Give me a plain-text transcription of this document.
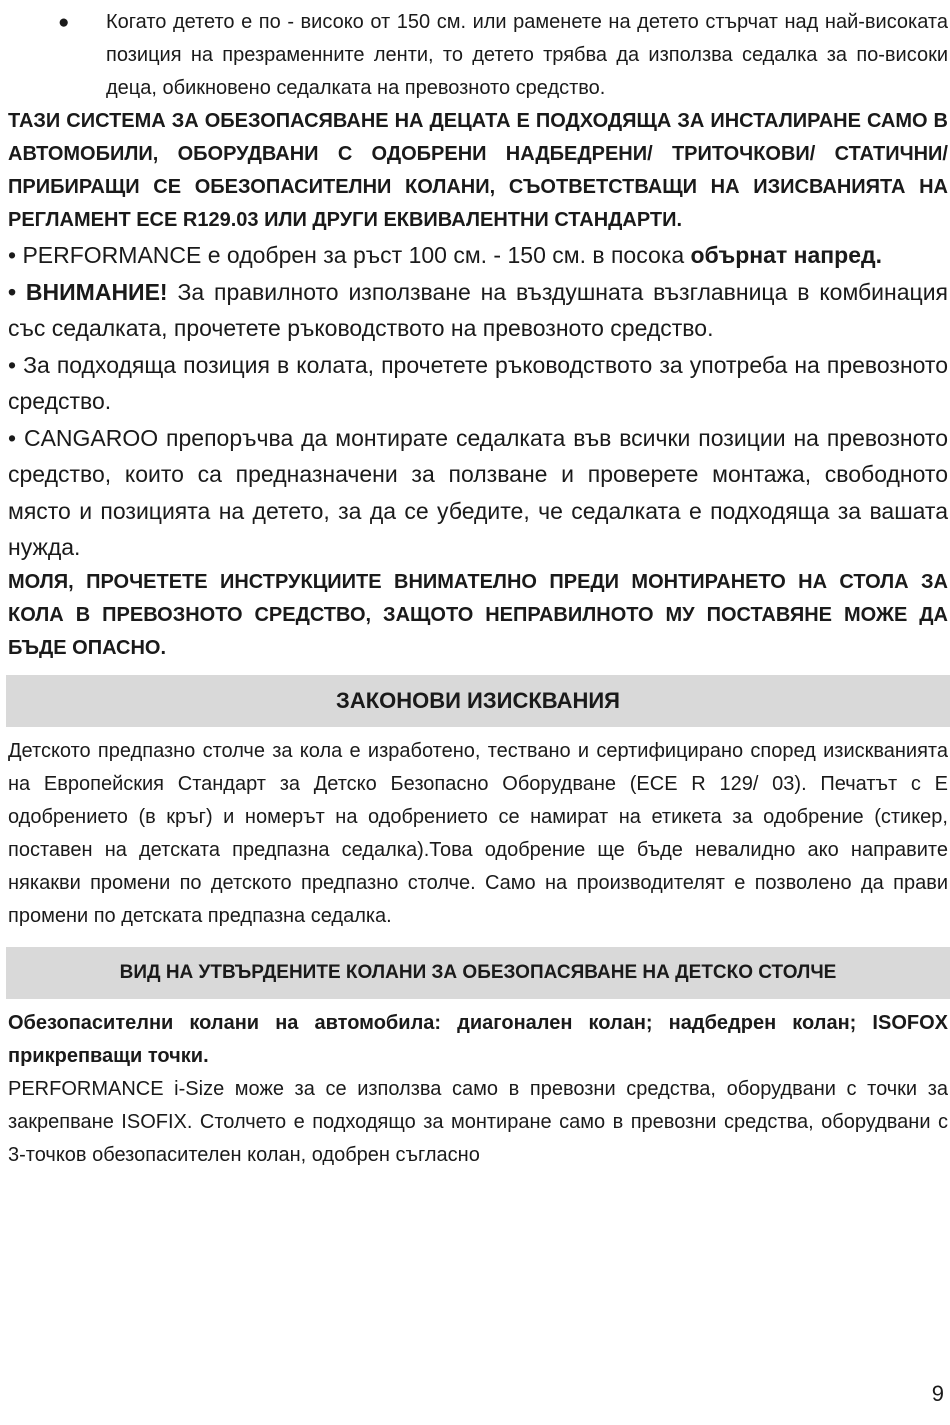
●	Когато детето е по - високо от 150 см. или раменете на детето стърчат над най-високата позиция на презраменните ленти, то детето трябва да използва седалка за по-високи деца, обикновено седалката на превозното средство.

ТАЗИ СИСТЕМА ЗА ОБЕЗОПАСЯВАНЕ НА ДЕЦАТА Е ПОДХОДЯЩА ЗА ИНСТАЛИРАНЕ САМО В АВТОМОБИЛИ, ОБОРУДВАНИ С ОДОБРЕНИ НАДБЕДРЕНИ/ ТРИТОЧКОВИ/ СТАТИЧНИ/ ПРИБИРАЩИ СЕ ОБЕЗОПАСИТЕЛНИ КОЛАНИ, СЪОТВЕТСТВАЩИ НА ИЗИСВАНИЯТА НА РЕГЛАМЕНТ ECE R129.03 ИЛИ ДРУГИ ЕКВИВАЛЕНТНИ СТАНДАРТИ.

• PERFORMANCE е одобрен за ръст 100 см. - 150 см. в посока обърнат напред.

• ВНИМАНИЕ! За правилното използване на въздушната възглавница в комбинация със седалката, прочетете ръководството на превозното средство.

• За подходяща позиция в колата, прочетете ръководството за употреба на превозното средство.

• CANGAROO препоръчва да монтирате седалката във всички позиции на превозното средство, които са предназначени за ползване и проверете монтажа, свободното място и позицията на детето, за да се убедите, че седалката е подходяща за вашата нужда.

МОЛЯ, ПРОЧЕТЕТЕ ИНСТРУКЦИИТЕ ВНИМАТЕЛНО ПРЕДИ МОНТИРАНЕТО НА СТОЛА ЗА КОЛА В ПРЕВОЗНОТО СРЕДСТВО, ЗАЩОТО НЕПРАВИЛНОТО МУ ПОСТАВЯНЕ МОЖЕ ДА БЪДЕ ОПАСНО.

ЗАКОНОВИ ИЗИСКВАНИЯ

Детското предпазно столче за кола е изработено, тествано и сертифицирано според изискванията на Европейския Стандарт за Детско Безопасно Оборудване (ECE R 129/ 03). Печатът с Е одобрението (в кръг) и номерът на одобрението се намират на етикета за одобрение (стикер, поставен на детската предпазна седалка).Това одобрение ще бъде невалидно ако направите някакви промени по детското предпазно столче. Само на производителят е позволено да прави промени по детската предпазна седалка.

ВИД НА УТВЪРДЕНИТЕ КОЛАНИ ЗА ОБЕЗОПАСЯВАНЕ НА ДЕТСКО СТОЛЧЕ

Обезопасителни колани на автомобила: диагонален колан; надбедрен колан; ISOFOX прикрепващи точки.

PERFORMANCE i-Size може за се използва само в превозни средства, оборудвани с точки за закрепване ISOFIX. Столчето е подходящо за монтиране само в превозни средства, оборудвани с 3-точков обезопасителен колан, одобрен съгласно

9
